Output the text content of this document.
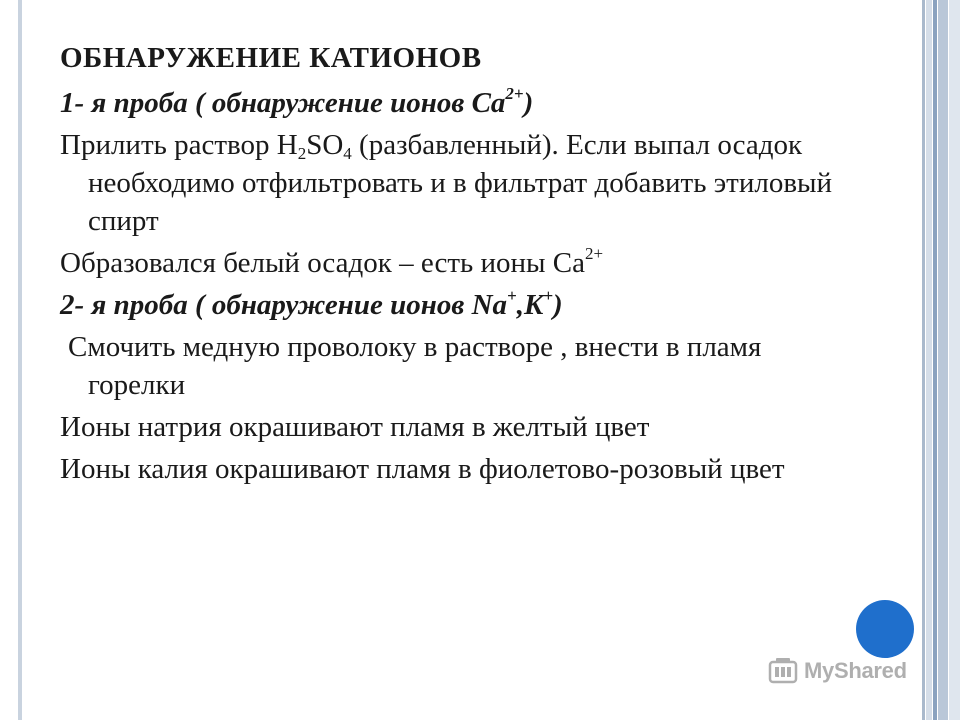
ОБНАРУЖЕНИЕ КАТИОНОВ
1- я проба ( обнаружение ионов $Ca^{2+}$)
Прилить раствор $H_2SO_4$ (разбавленный). Если выпал осадок необходимо отфильтровать и в фильтрат добавить этиловый спирт
Образовался белый осадок – есть ионы $Ca^{2+}$
2- я проба ( обнаружение ионов Na+,K+)
Смочить медную проволоку в растворе , внести в пламя горелки
Ионы натрия окрашивают пламя в желтый цвет
Ионы калия окрашивают пламя в фиолетово-розовый цвет
MyShared
